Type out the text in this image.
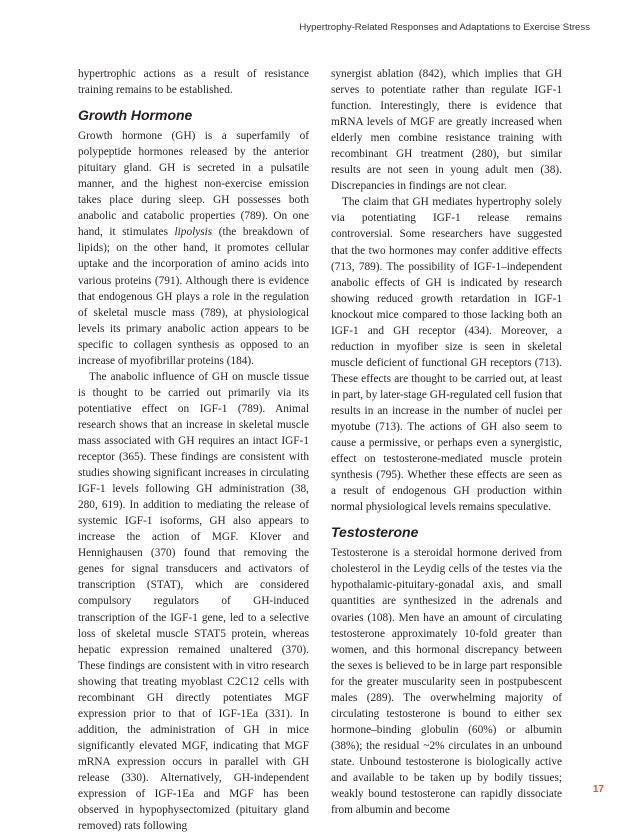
Hypertrophy-Related Responses and Adaptations to Exercise Stress

hypertrophic actions as a result of resistance training remains to be established.

Growth Hormone

Growth hormone (GH) is a superfamily of polypeptide hormones released by the anterior pituitary gland. GH is secreted in a pulsatile manner, and the highest non-exercise emission takes place during sleep. GH possesses both anabolic and catabolic properties (789). On one hand, it stimulates lipolysis (the breakdown of lipids); on the other hand, it promotes cellular uptake and the incorporation of amino acids into various proteins (791). Although there is evidence that endogenous GH plays a role in the regulation of skeletal muscle mass (789), at physiological levels its primary anabolic action appears to be specific to collagen synthesis as opposed to an increase of myofibrillar proteins (184).

The anabolic influence of GH on muscle tissue is thought to be carried out primarily via its potentiative effect on IGF-1 (789). Animal research shows that an increase in skeletal muscle mass associated with GH requires an intact IGF-1 receptor (365). These findings are consistent with studies showing significant increases in circulating IGF-1 levels following GH administration (38, 280, 619). In addition to mediating the release of systemic IGF-1 isoforms, GH also appears to increase the action of MGF. Klover and Hennighausen (370) found that removing the genes for signal transducers and activators of transcription (STAT), which are considered compulsory regulators of GH-induced transcription of the IGF-1 gene, led to a selective loss of skeletal muscle STAT5 protein, whereas hepatic expression remained unaltered (370). These findings are consistent with in vitro research showing that treating myoblast C2C12 cells with recombinant GH directly potentiates MGF expression prior to that of IGF-1Ea (331). In addition, the administration of GH in mice significantly elevated MGF, indicating that MGF mRNA expression occurs in parallel with GH release (330). Alternatively, GH-independent expression of IGF-1Ea and MGF has been observed in hypophysectomized (pituitary gland removed) rats following

synergist ablation (842), which implies that GH serves to potentiate rather than regulate IGF-1 function. Interestingly, there is evidence that mRNA levels of MGF are greatly increased when elderly men combine resistance training with recombinant GH treatment (280), but similar results are not seen in young adult men (38). Discrepancies in findings are not clear.

The claim that GH mediates hypertrophy solely via potentiating IGF-1 release remains controversial. Some researchers have suggested that the two hormones may confer additive effects (713, 789). The possibility of IGF-1–independent anabolic effects of GH is indicated by research showing reduced growth retardation in IGF-1 knockout mice compared to those lacking both an IGF-1 and GH receptor (434). Moreover, a reduction in myofiber size is seen in skeletal muscle deficient of functional GH receptors (713). These effects are thought to be carried out, at least in part, by later-stage GH-regulated cell fusion that results in an increase in the number of nuclei per myotube (713). The actions of GH also seem to cause a permissive, or perhaps even a synergistic, effect on testosterone-mediated muscle protein synthesis (795). Whether these effects are seen as a result of endogenous GH production within normal physiological levels remains speculative.

Testosterone

Testosterone is a steroidal hormone derived from cholesterol in the Leydig cells of the testes via the hypothalamic-pituitary-gonadal axis, and small quantities are synthesized in the adrenals and ovaries (108). Men have an amount of circulating testosterone approximately 10-fold greater than women, and this hormonal discrepancy between the sexes is believed to be in large part responsible for the greater muscularity seen in postpubescent males (289). The overwhelming majority of circulating testosterone is bound to either sex hormone–binding globulin (60%) or albumin (38%); the residual ~2% circulates in an unbound state. Unbound testosterone is biologically active and available to be taken up by bodily tissues; weakly bound testosterone can rapidly dissociate from albumin and become

17
